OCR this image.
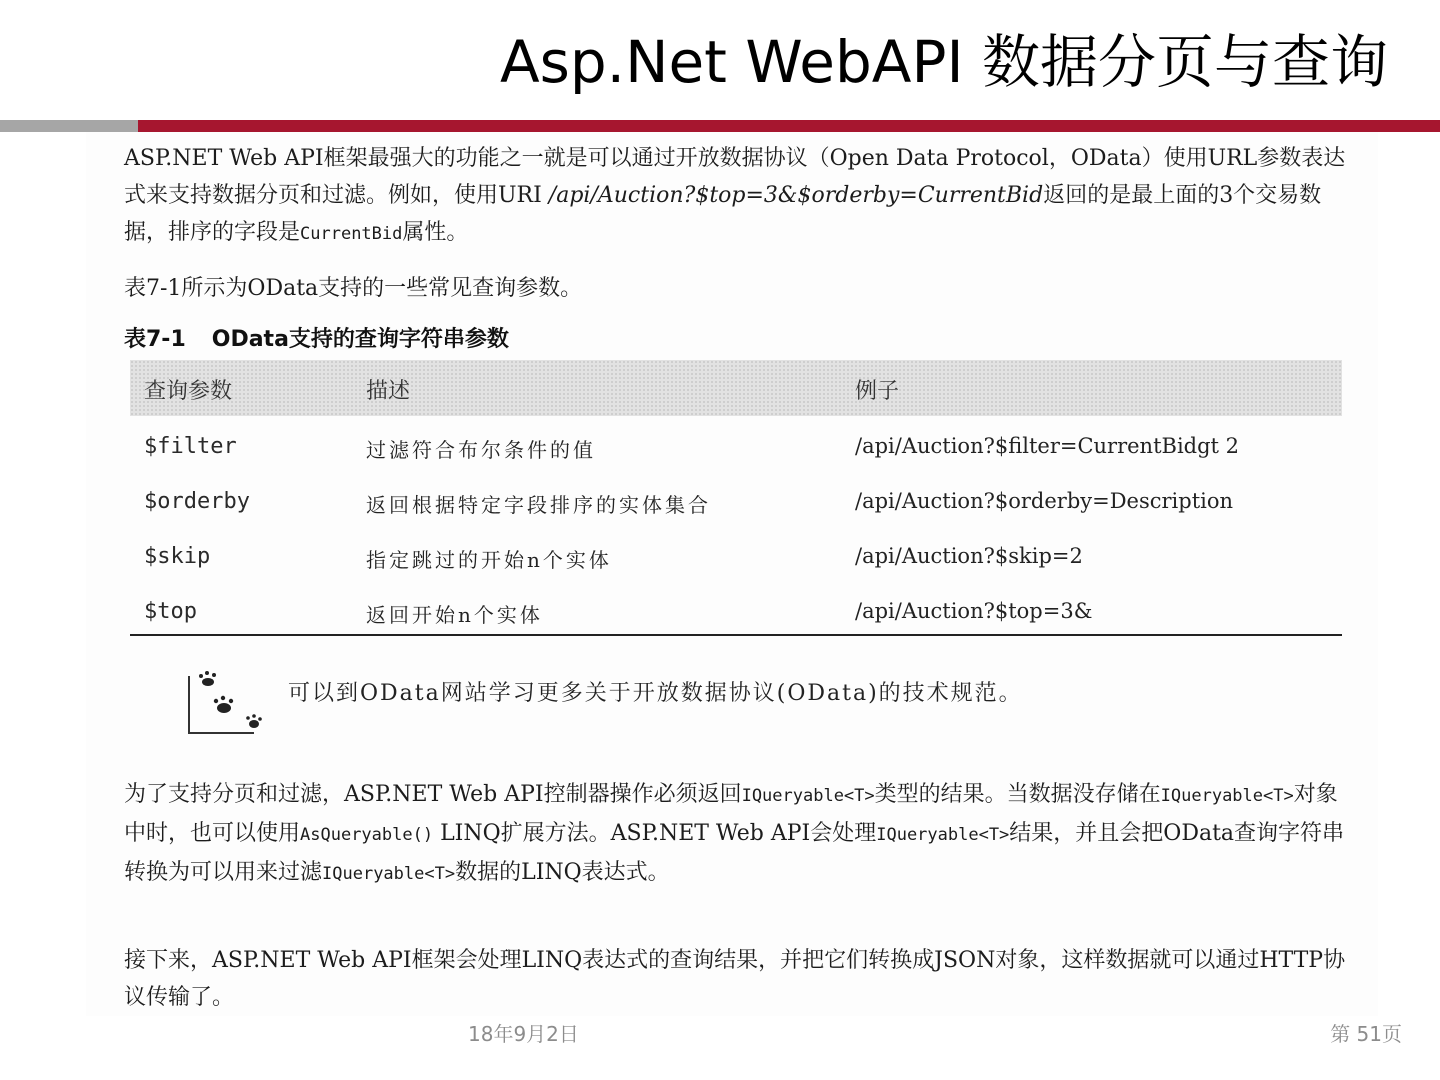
Asp.Net WebAPI 数据分页与查询
ASP.NET Web API框架最强大的功能之一就是可以通过开放数据协议（Open Data Protocol，OData）使用URL参数表达式来支持数据分页和过滤。例如，使用URI /api/Auction?$top=3&$orderby=CurrentBid返回的是最上面的3个交易数据，排序的字段是CurrentBid属性。
表7-1所示为OData支持的一些常见查询参数。
表7-1 OData支持的查询字符串参数
查询参数	描述	例子
$filter	过滤符合布尔条件的值	/api/Auction?$filter=CurrentBidgt 2
$orderby	返回根据特定字段排序的实体集合	/api/Auction?$orderby=Description
$skip	指定跳过的开始n个实体	/api/Auction?$skip=2
$top	返回开始n个实体	/api/Auction?$top=3&
可以到OData网站学习更多关于开放数据协议(OData)的技术规范。
为了支持分页和过滤，ASP.NET Web API控制器操作必须返回IQueryable<T>类型的结果。当数据没存储在IQueryable<T>对象中时，也可以使用AsQueryable() LINQ扩展方法。ASP.NET Web API会处理IQueryable<T>结果，并且会把OData查询字符串转换为可以用来过滤IQueryable<T>数据的LINQ表达式。
接下来，ASP.NET Web API框架会处理LINQ表达式的查询结果，并把它们转换成JSON对象，这样数据就可以通过HTTP协议传输了。
18年9月2日	第 51页
